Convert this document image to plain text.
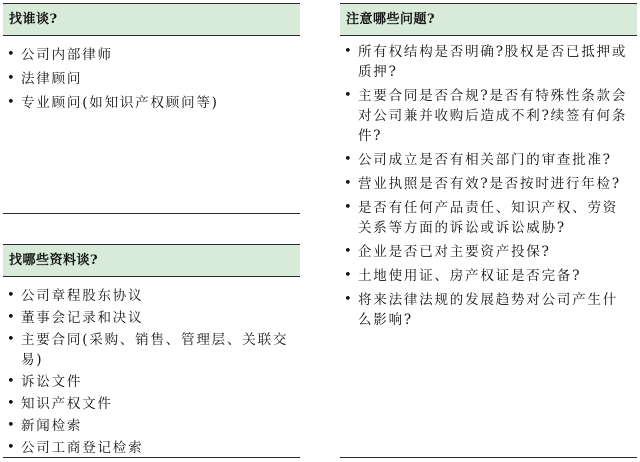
找谁谈?
• 公司内部律师
• 法律顾问
• 专业顾问(如知识产权顾问等)
找哪些资料谈?
• 公司章程股东协议
• 董事会记录和决议
• 主要合同(采购、销售、管理层、关联交易)
• 诉讼文件
• 知识产权文件
• 新闻检索
• 公司工商登记检索
注意哪些问题?
• 所有权结构是否明确?股权是否已抵押或质押?
• 主要合同是否合规?是否有特殊性条款会对公司兼并收购后造成不利?续签有何条件?
• 公司成立是否有相关部门的审查批准?
• 营业执照是否有效?是否按时进行年检?
• 是否有任何产品责任、知识产权、劳资关系等方面的诉讼或诉讼威胁?
• 企业是否已对主要资产投保?
• 土地使用证、房产权证是否完备?
• 将来法律法规的发展趋势对公司产生什么影响?
